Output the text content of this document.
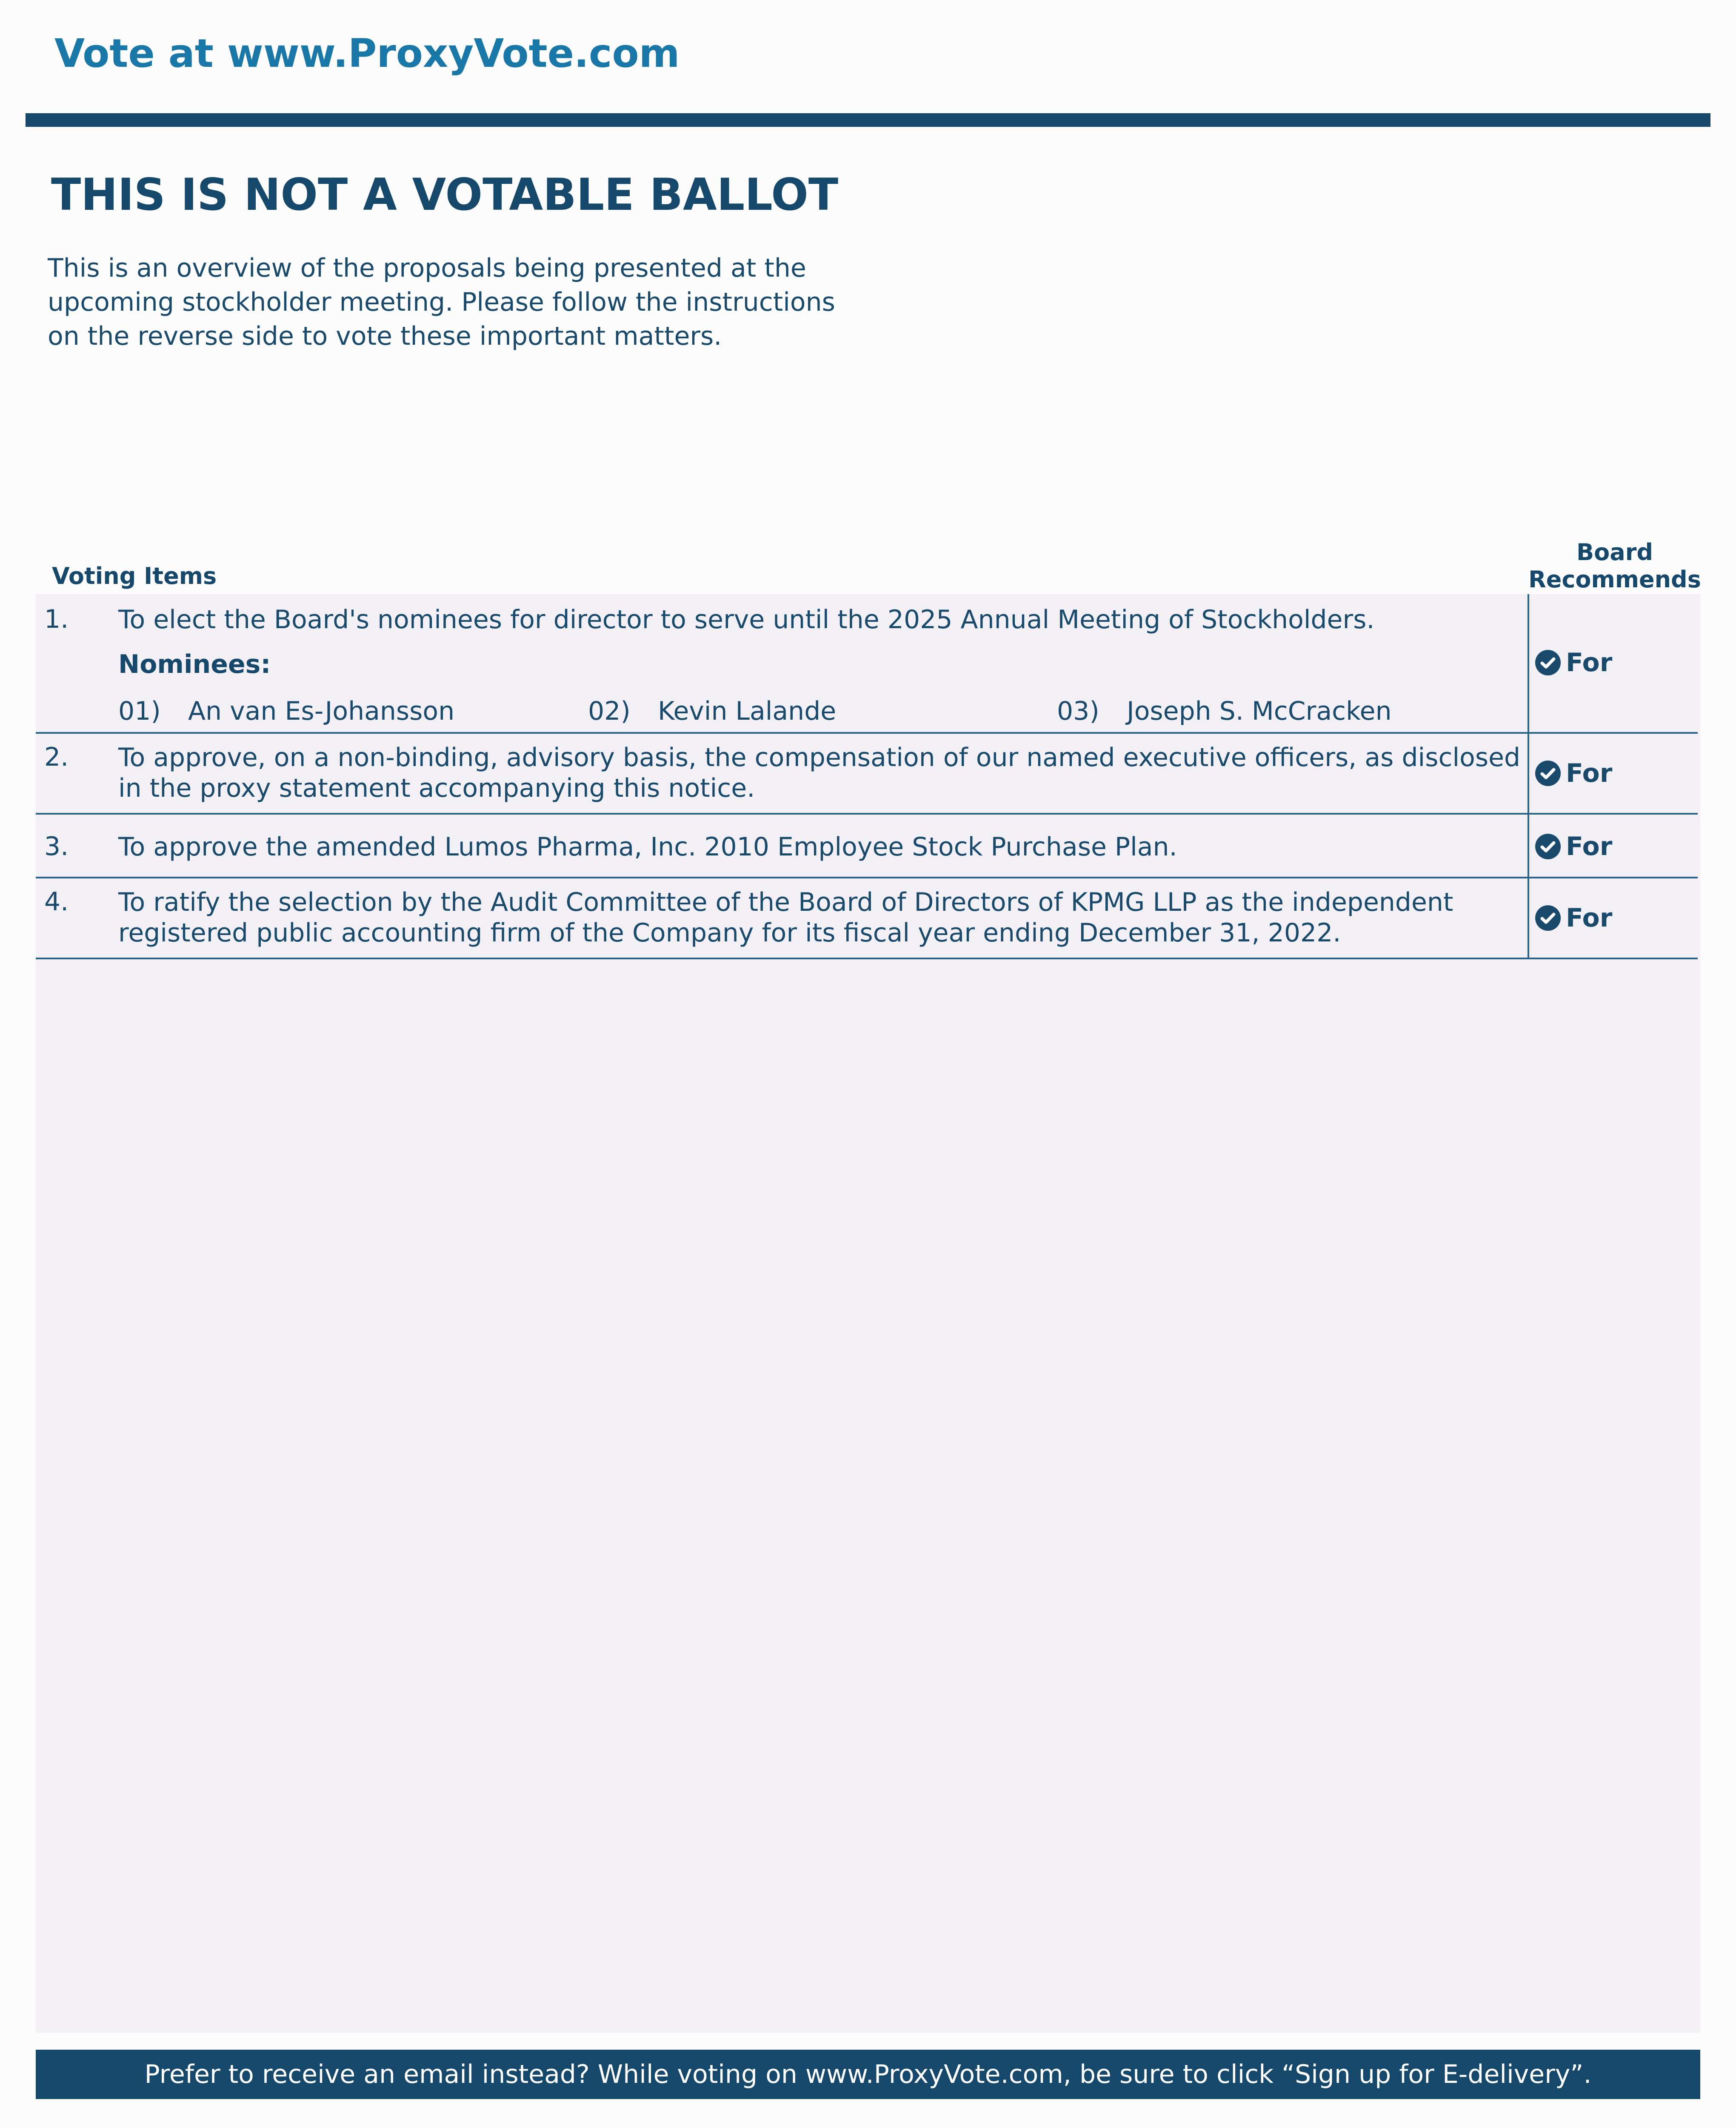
Vote at www.ProxyVote.com
THIS IS NOT A VOTABLE BALLOT
This is an overview of the proposals being presented at the upcoming stockholder meeting. Please follow the instructions on the reverse side to vote these important matters.
Voting Items
Board
Recommends
1. To elect the Board's nominees for director to serve until the 2025 Annual Meeting of Stockholders.
Nominees:
01) An van Es-Johansson	02) Kevin Lalande	03) Joseph S. McCracken
For
2. To approve, on a non-binding, advisory basis, the compensation of our named executive officers, as disclosed in the proxy statement accompanying this notice.	For
3. To approve the amended Lumos Pharma, Inc. 2010 Employee Stock Purchase Plan.	For
4. To ratify the selection by the Audit Committee of the Board of Directors of KPMG LLP as the independent registered public accounting firm of the Company for its fiscal year ending December 31, 2022.	For
Prefer to receive an email instead? While voting on www.ProxyVote.com, be sure to click “Sign up for E-delivery”.
